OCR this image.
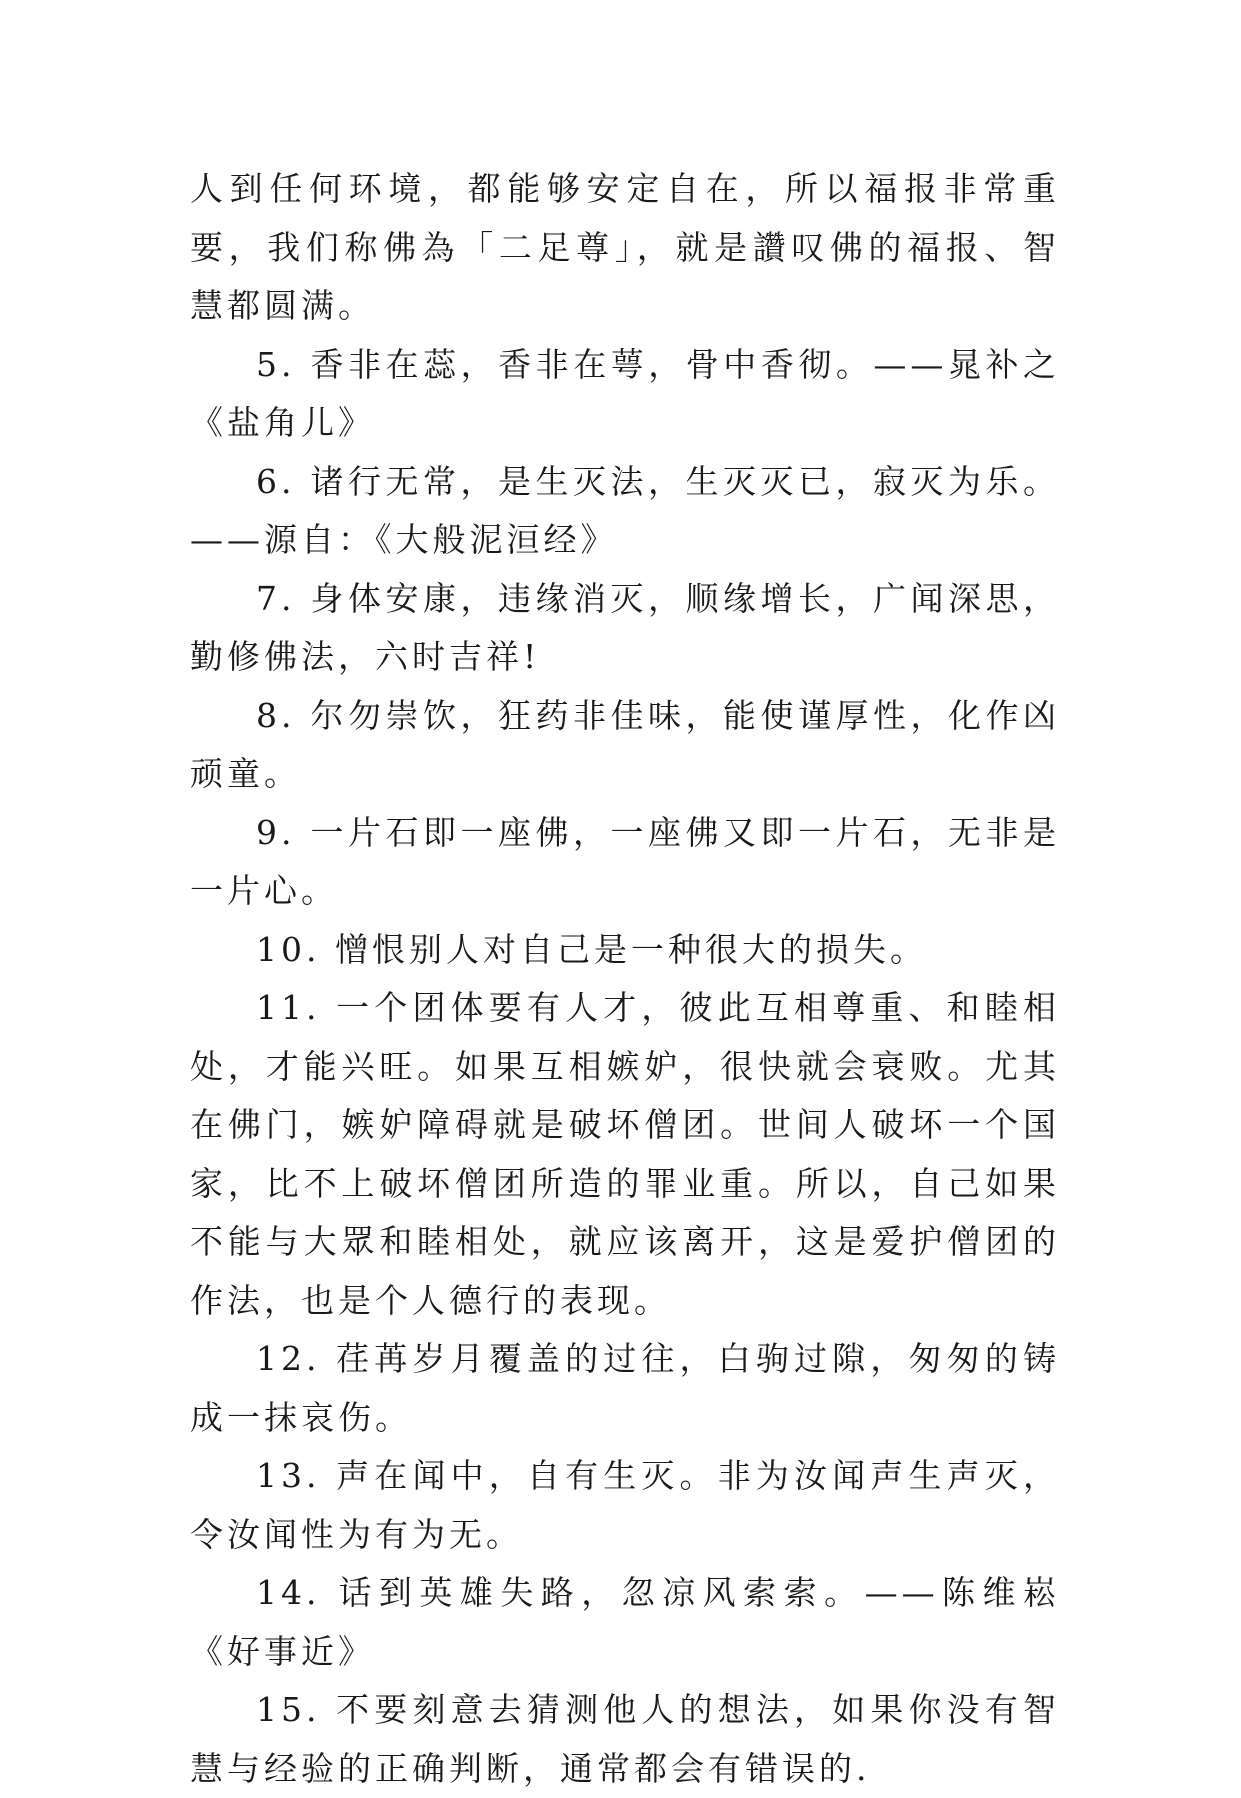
人到任何环境，都能够安定自在，所以福报非常重要，我们称佛為「二足尊」，就是讚叹佛的福报、智慧都圆满。

5. 香非在蕊，香非在萼，骨中香彻。——晁补之《盐角儿》

6. 诸行无常，是生灭法，生灭灭已，寂灭为乐。——源自：《大般泥洹经》

7. 身体安康，违缘消灭，顺缘增长，广闻深思，勤修佛法，六时吉祥!

8. 尔勿崇饮，狂药非佳味，能使谨厚性，化作凶顽童。

9. 一片石即一座佛，一座佛又即一片石，无非是一片心。

10. 憎恨别人对自己是一种很大的损失。

11. 一个团体要有人才，彼此互相尊重、和睦相处，才能兴旺。如果互相嫉妒，很快就会衰败。尤其在佛门，嫉妒障碍就是破坏僧团。世间人破坏一个国家，比不上破坏僧团所造的罪业重。所以，自己如果不能与大眾和睦相处，就应该离开，这是爱护僧团的作法，也是个人德行的表现。

12. 荏苒岁月覆盖的过往，白驹过隙，匆匆的铸成一抹哀伤。

13. 声在闻中，自有生灭。非为汝闻声生声灭，令汝闻性为有为无。

14. 话到英雄失路，忽凉风索索。——陈维崧《好事近》

15. 不要刻意去猜测他人的想法，如果你没有智慧与经验的正确判断，通常都会有错误的.
